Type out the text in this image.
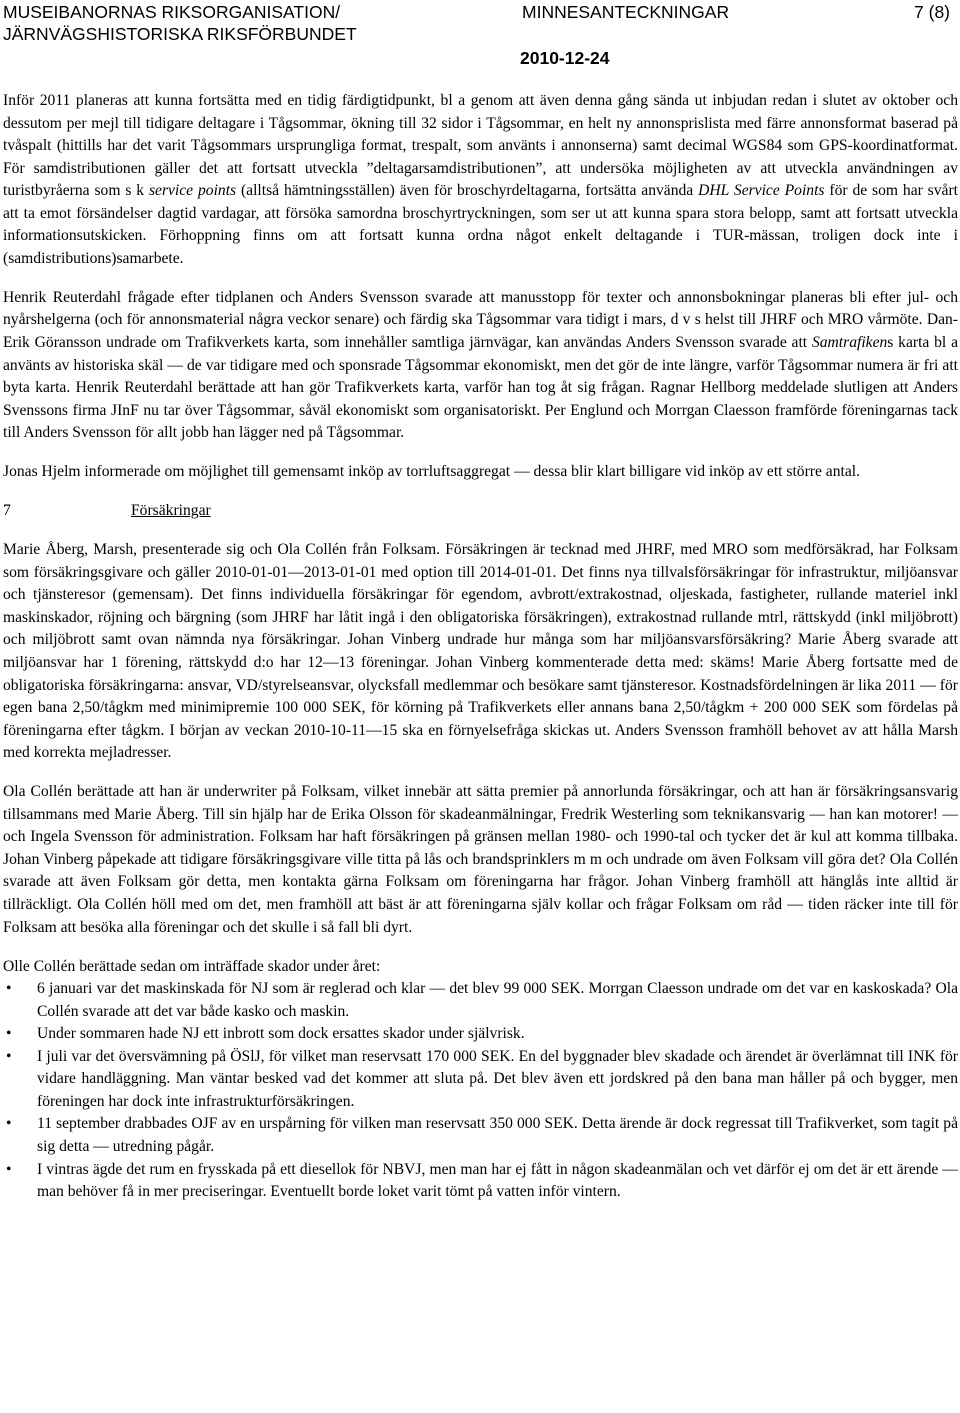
MUSEIBANORNAS RIKSORGANISATION/
JÄRNVÄGSHISTORISKA RIKSFÖRBUNDET
MINNESANTECKNINGAR	7 (8)
2010-12-24

Inför 2011 planeras att kunna fortsätta med en tidig färdigtidpunkt, bl a genom att även denna gång sända ut inbjudan redan i slutet av oktober och dessutom per mejl till tidigare deltagare i Tågsommar, ökning till 32 sidor i Tågsommar, en helt ny annonsprislista med färre annonsformat baserad på tvåspalt (hittills har det varit Tågsommars ursprungliga format, trespalt, som använts i annonserna) samt decimal WGS84 som GPS-koordinatformat. För samdistributionen gäller det att fortsatt utveckla ”deltagarsamdistributionen”, att undersöka möjligheten av att utveckla användningen av turistbyråerna som s k service points (alltså hämtningsställen) även för broschyrdeltagarna, fortsätta använda DHL Service Points för de som har svårt att ta emot försändelser dagtid vardagar, att försöka samordna broschyrtryckningen, som ser ut att kunna spara stora belopp, samt att fortsatt utveckla informationsutskicken. Förhoppning finns om att fortsatt kunna ordna något enkelt deltagande i TUR-mässan, troligen dock inte i (samdistributions)samarbete.

Henrik Reuterdahl frågade efter tidplanen och Anders Svensson svarade att manusstopp för texter och annonsbokningar planeras bli efter jul- och nyårshelgerna (och för annonsmaterial några veckor senare) och färdig ska Tågsommar vara tidigt i mars, d v s helst till JHRF och MRO vårmöte. Dan-Erik Göransson undrade om Trafikverkets karta, som innehåller samtliga järnvägar, kan användas Anders Svensson svarade att Samtrafikens karta bl a använts av historiska skäl — de var tidigare med och sponsrade Tågsommar ekonomiskt, men det gör de inte längre, varför Tågsommar numera är fri att byta karta. Henrik Reuterdahl berättade att han gör Trafikverkets karta, varför han tog åt sig frågan. Ragnar Hellborg meddelade slutligen att Anders Svenssons firma JInF nu tar över Tågsommar, såväl ekonomiskt som organisatoriskt. Per Englund och Morrgan Claesson framförde föreningarnas tack till Anders Svensson för allt jobb han lägger ned på Tågsommar.

Jonas Hjelm informerade om möjlighet till gemensamt inköp av torrluftsaggregat — dessa blir klart billigare vid inköp av ett större antal.

7	Försäkringar

Marie Åberg, Marsh, presenterade sig och Ola Collén från Folksam. Försäkringen är tecknad med JHRF, med MRO som medförsäkrad, har Folksam som försäkringsgivare och gäller 2010-01-01—2013-01-01 med option till 2014-01-01. Det finns nya tillvalsförsäkringar för infrastruktur, miljöansvar och tjänsteresor (gemensam). Det finns individuella försäkringar för egendom, avbrott/extrakostnad, oljeskada, fastigheter, rullande materiel inkl maskinskador, röjning och bärgning (som JHRF har låtit ingå i den obligatoriska försäkringen), extrakostnad rullande mtrl, rättskydd (inkl miljöbrott) och miljöbrott samt ovan nämnda nya försäkringar. Johan Vinberg undrade hur många som har miljöansvarsförsäkring? Marie Åberg svarade att miljöansvar har 1 förening, rättskydd d:o har 12—13 föreningar. Johan Vinberg kommenterade detta med: skäms! Marie Åberg fortsatte med de obligatoriska försäkringarna: ansvar, VD/styrelseansvar, olycksfall medlemmar och besökare samt tjänsteresor. Kostnadsfördelningen är lika 2011 — för egen bana 2,50/tågkm med minimipremie 100 000 SEK, för körning på Trafikverkets eller annans bana 2,50/tågkm + 200 000 SEK som fördelas på föreningarna efter tågkm. I början av veckan 2010-10-11—15 ska en förnyelsefråga skickas ut. Anders Svensson framhöll behovet av att hålla Marsh med korrekta mejladresser.

Ola Collén berättade att han är underwriter på Folksam, vilket innebär att sätta premier på annorlunda försäkringar, och att han är försäkringsansvarig tillsammans med Marie Åberg. Till sin hjälp har de Erika Olsson för skadeanmälningar, Fredrik Westerling som teknikansvarig — han kan motorer! — och Ingela Svensson för administration. Folksam har haft försäkringen på gränsen mellan 1980- och 1990-tal och tycker det är kul att komma tillbaka. Johan Vinberg påpekade att tidigare försäkringsgivare ville titta på lås och brandsprinklers m m och undrade om även Folksam vill göra det? Ola Collén svarade att även Folksam gör detta, men kontakta gärna Folksam om föreningarna har frågor. Johan Vinberg framhöll att hänglås inte alltid är tillräckligt. Ola Collén höll med om det, men framhöll att bäst är att föreningarna själv kollar och frågar Folksam om råd — tiden räcker inte till för Folksam att besöka alla föreningar och det skulle i så fall bli dyrt.

Olle Collén berättade sedan om inträffade skador under året:
• 6 januari var det maskinskada för NJ som är reglerad och klar — det blev 99 000 SEK. Morrgan Claesson undrade om det var en kaskoskada? Ola Collén svarade att det var både kasko och maskin.
• Under sommaren hade NJ ett inbrott som dock ersattes skador under självrisk.
• I juli var det översvämning på ÖSlJ, för vilket man reservsatt 170 000 SEK. En del byggnader blev skadade och ärendet är överlämnat till INK för vidare handläggning. Man väntar besked vad det kommer att sluta på. Det blev även ett jordskred på den bana man håller på och bygger, men föreningen har dock inte infrastrukturförsäkringen.
• 11 september drabbades OJF av en urspårning för vilken man reservsatt 350 000 SEK. Detta ärende är dock regressat till Trafikverket, som tagit på sig detta — utredning pågår.
• I vintras ägde det rum en frysskada på ett diesellok för NBVJ, men man har ej fått in någon skadeanmälan och vet därför ej om det är ett ärende — man behöver få in mer preciseringar. Eventuellt borde loket varit tömt på vatten inför vintern.
